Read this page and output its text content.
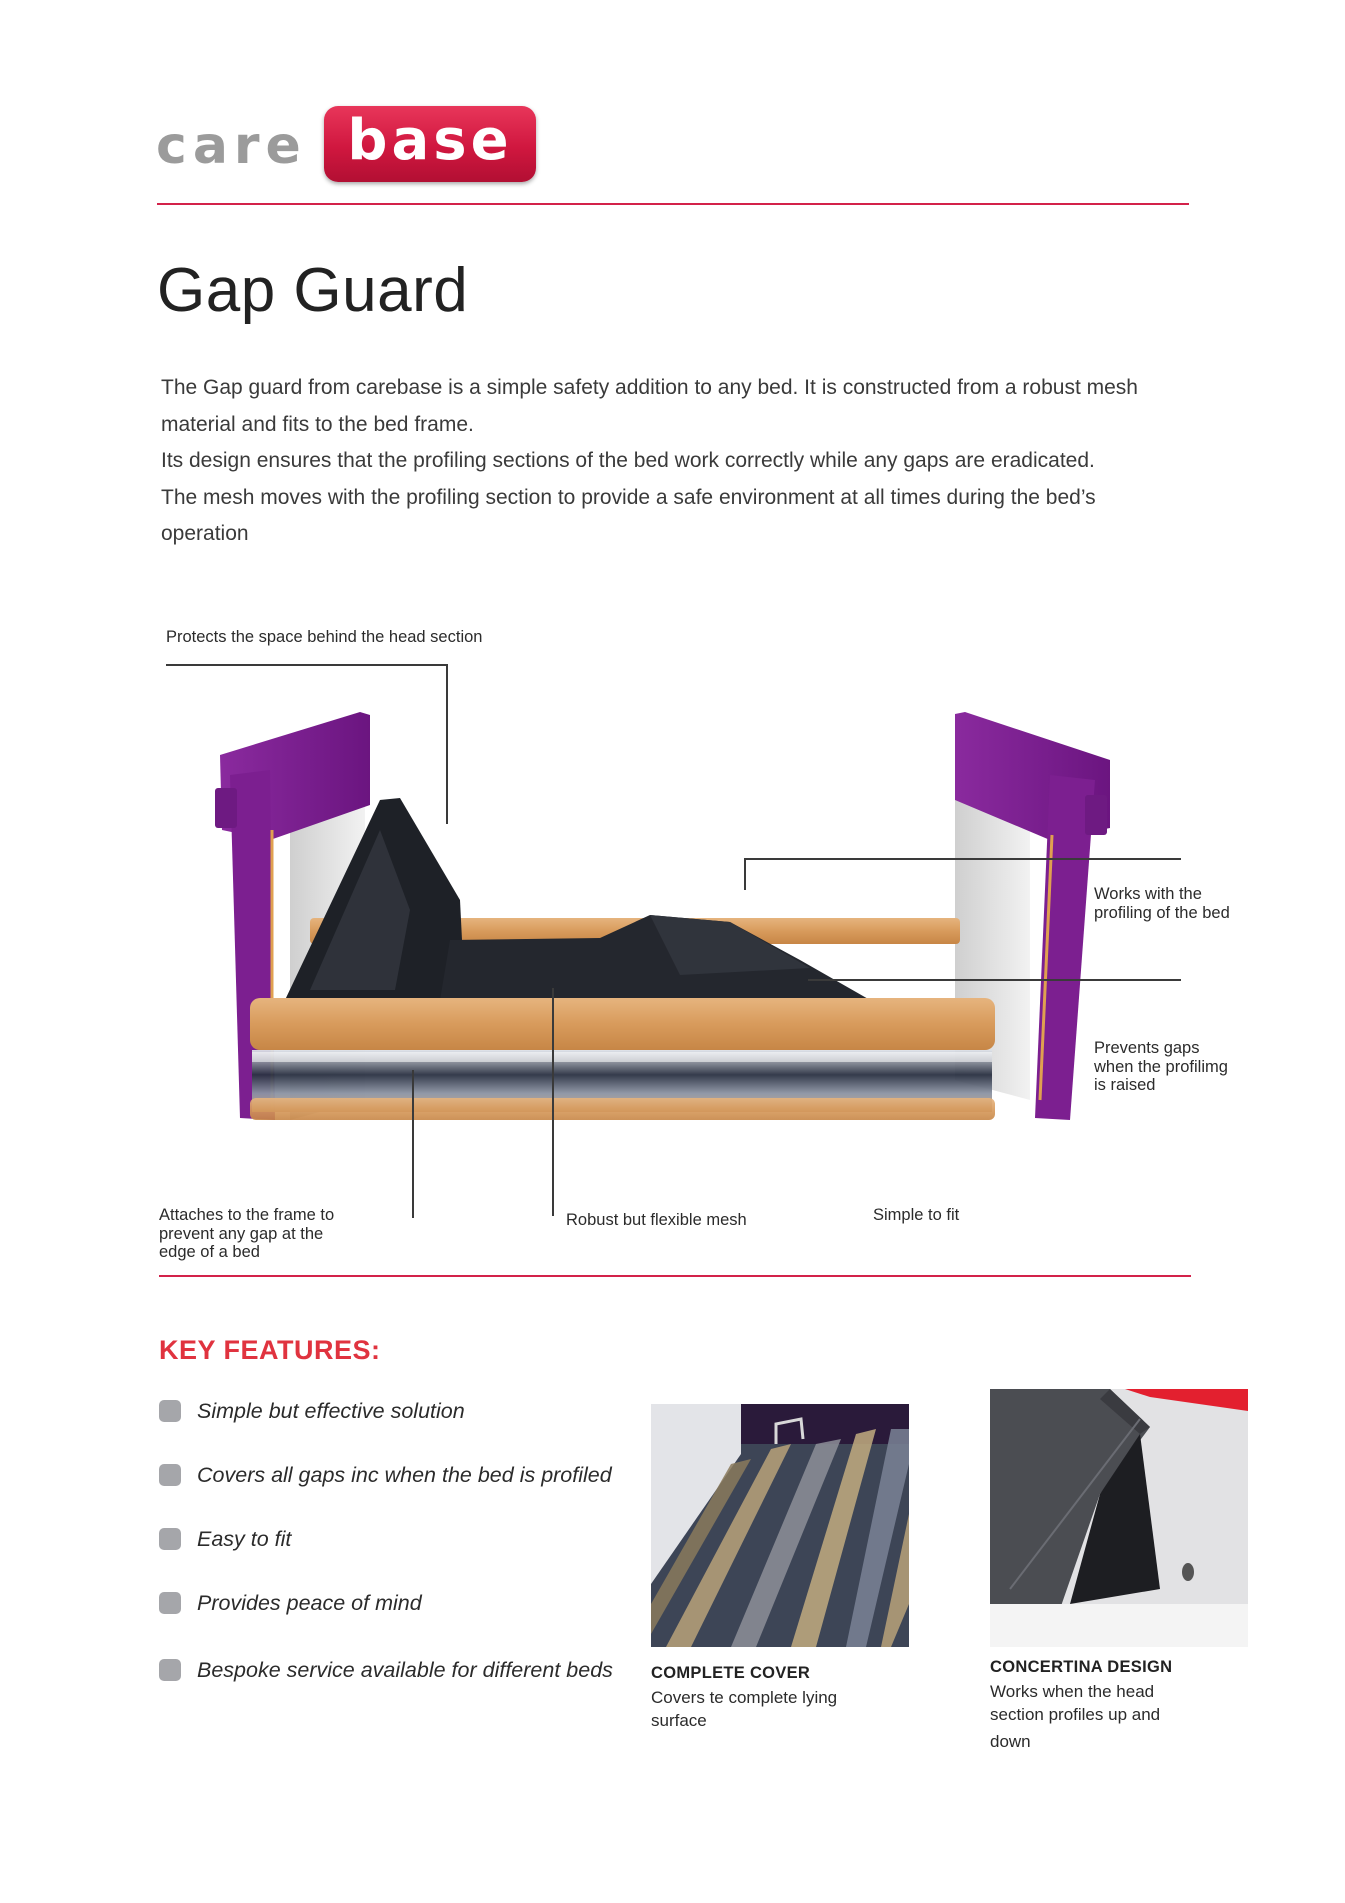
care base
Gap Guard

The Gap guard from carebase is a simple safety addition to any bed. It is constructed from a robust mesh

material and fits to the bed frame.

Its design ensures that the profiling sections of the bed work correctly while any gaps are eradicated.

The mesh moves with the profiling section to provide a safe environment at all times during the bed’s

operation

Protects the space behind the head section
Works with the
profiling of the bed
Prevents gaps
when the profilimg
is raised
Attaches to the frame to
prevent any gap at the
edge of a bed
Robust but flexible mesh	Simple to fit
KEY FEATURES:
Simple but effective solution
Covers all gaps inc when the bed is profiled
Easy to fit
Provides peace of mind
Bespoke service available for different beds COMPLETE COVER
Covers te complete lying
surface
CONCERTINA DESIGN
Works when the head
section profiles up and
down
